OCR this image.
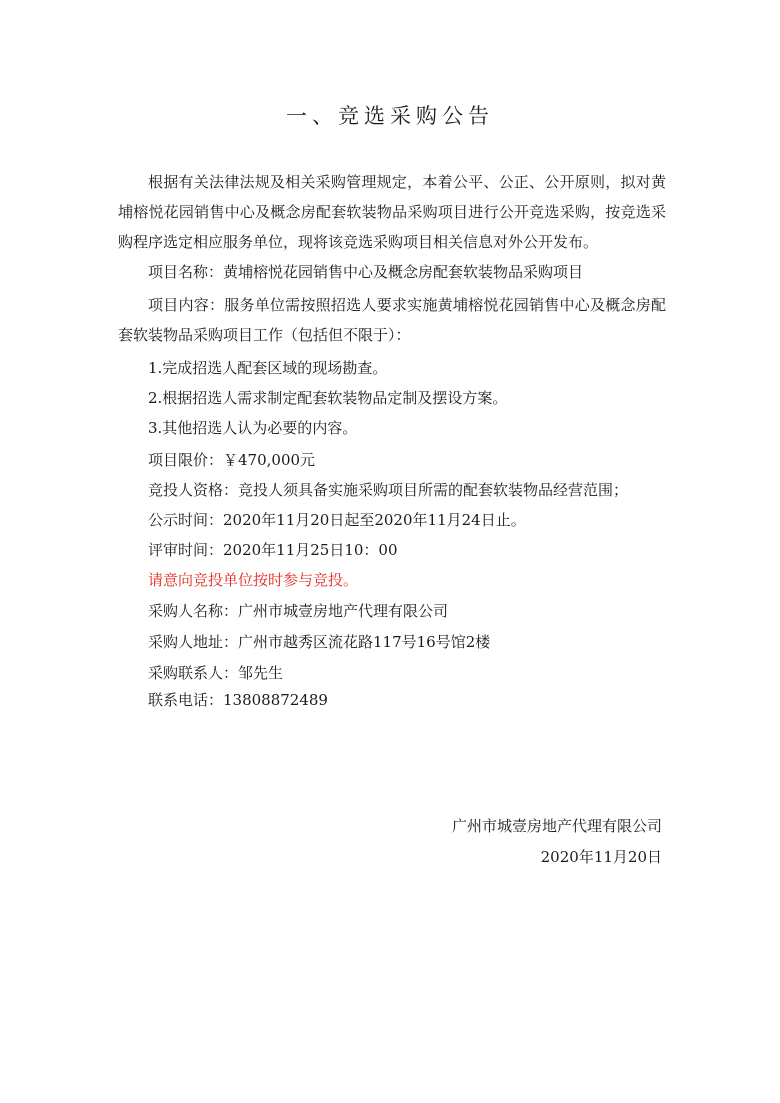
一、竞选采购公告
根据有关法律法规及相关采购管理规定，本着公平、公正、公开原则，拟对黄埔榕悦花园销售中心及概念房配套软装物品采购项目进行公开竞选采购，按竞选采购程序选定相应服务单位，现将该竞选采购项目相关信息对外公开发布。
项目名称：黄埔榕悦花园销售中心及概念房配套软装物品采购项目
项目内容：服务单位需按照招选人要求实施黄埔榕悦花园销售中心及概念房配套软装物品采购项目工作（包括但不限于）：
1.完成招选人配套区域的现场勘查。
2.根据招选人需求制定配套软装物品定制及摆设方案。
3.其他招选人认为必要的内容。
项目限价：￥470,000元
竞投人资格：竞投人须具备实施采购项目所需的配套软装物品经营范围；
公示时间：2020年11月20日起至2020年11月24日止。
评审时间：2020年11月25日10：00
请意向竞投单位按时参与竞投。
采购人名称：广州市城壹房地产代理有限公司
采购人地址：广州市越秀区流花路117号16号馆2楼
采购联系人：邹先生
联系电话：13808872489
广州市城壹房地产代理有限公司
2020年11月20日
